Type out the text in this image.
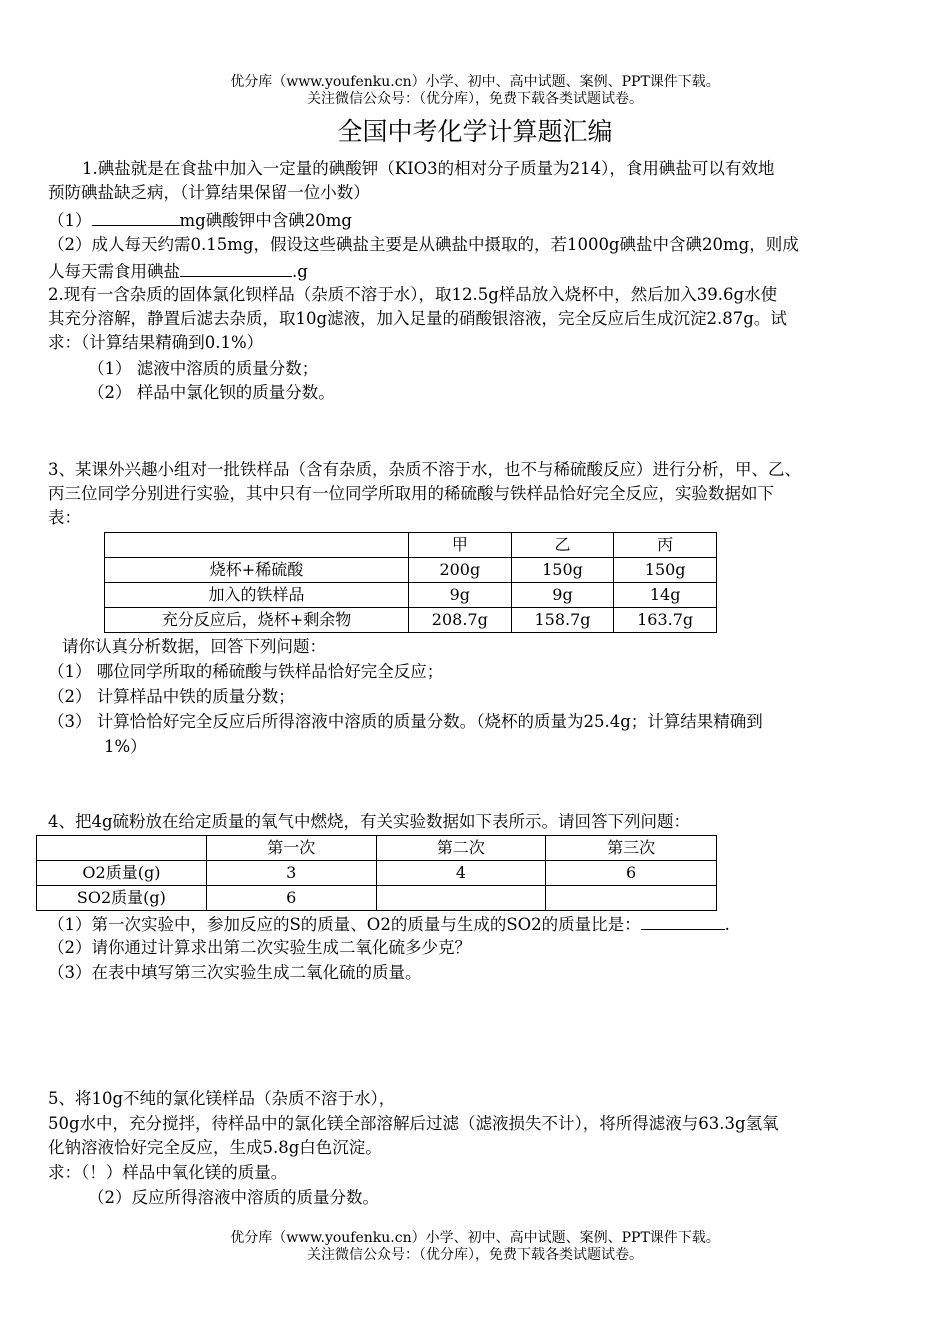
优分库（www.youfenku.cn）小学、初中、高中试题、案例、PPT课件下载。
关注微信公众号：（优分库），免费下载各类试题试卷。
全国中考化学计算题汇编
1.碘盐就是在食盐中加入一定量的碘酸钾（KIO3的相对分子质量为214），食用碘盐可以有效地
预防碘盐缺乏病，（计算结果保留一位小数）
（1）	mg碘酸钾中含碘20mg
（2）成人每天约需0.15mg，假设这些碘盐主要是从碘盐中摄取的，若1000g碘盐中含碘20mg，则成
人每天需食用碘盐	.g
2.现有一含杂质的固体氯化钡样品（杂质不溶于水），取12.5g样品放入烧杯中，然后加入39.6g水使
其充分溶解，静置后滤去杂质，取10g滤液，加入足量的硝酸银溶液，完全反应后生成沉淀2.87g。试
求：（计算结果精确到0.1%）
（1） 滤液中溶质的质量分数；
（2） 样品中氯化钡的质量分数。
3、某课外兴趣小组对一批铁样品（含有杂质，杂质不溶于水，也不与稀硫酸反应）进行分析，甲、乙、
丙三位同学分别进行实验，其中只有一位同学所取用的稀硫酸与铁样品恰好完全反应，实验数据如下
表：
	甲	乙	丙
烧杯+稀硫酸	200g	150g	150g
加入的铁样品	9g	9g	14g
充分反应后，烧杯+剩余物	208.7g	158.7g	163.7g
请你认真分析数据，回答下列问题：
（1） 哪位同学所取的稀硫酸与铁样品恰好完全反应；
（2） 计算样品中铁的质量分数；
（3） 计算恰恰好完全反应后所得溶液中溶质的质量分数。（烧杯的质量为25.4g；计算结果精确到
1%）
4、把4g硫粉放在给定质量的氧气中燃烧，有关实验数据如下表所示。请回答下列问题：
	第一次	第二次	第三次
O2质量(g)	3	4	6
SO2质量(g)	6		
（1）第一次实验中，参加反应的S的质量、O2的质量与生成的SO2的质量比是：	.
（2）请你通过计算求出第二次实验生成二氧化硫多少克？
（3）在表中填写第三次实验生成二氧化硫的质量。
5、将10g不纯的氯化镁样品（杂质不溶于水），
50g水中，充分搅拌，待样品中的氯化镁全部溶解后过滤（滤液损失不计），将所得滤液与63.3g氢氧
化钠溶液恰好完全反应，生成5.8g白色沉淀。
求：（！）样品中氧化镁的质量。
（2）反应所得溶液中溶质的质量分数。
优分库（www.youfenku.cn）小学、初中、高中试题、案例、PPT课件下载。
关注微信公众号：（优分库），免费下载各类试题试卷。
